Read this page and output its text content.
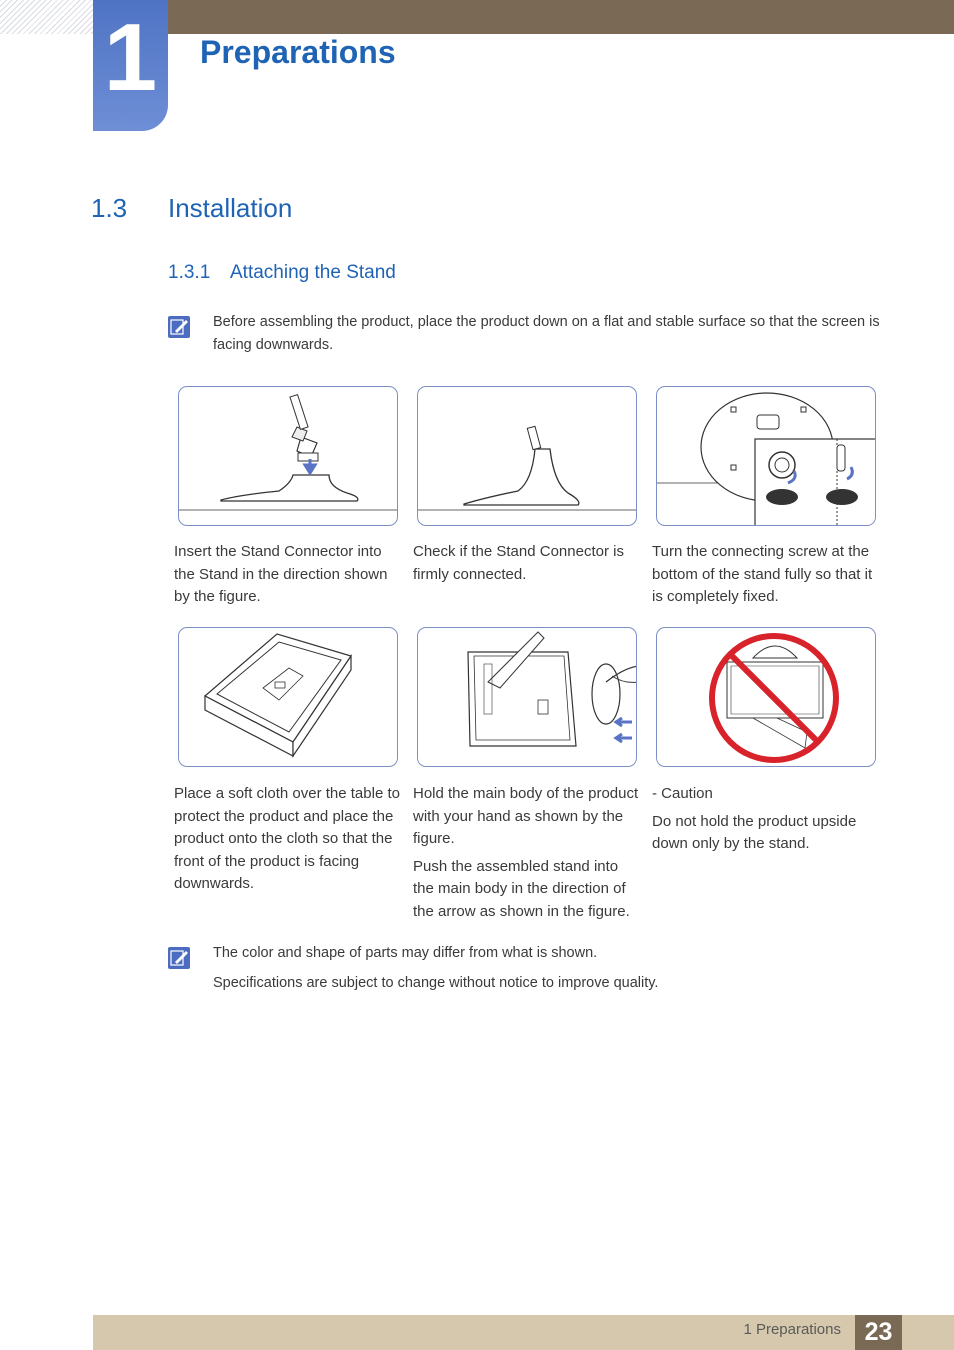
1 Preparations
1.3 Installation
1.3.1 Attaching the Stand
Before assembling the product, place the product down on a flat and stable surface so that the screen is facing downwards.

Insert the Stand Connector into the Stand in the direction shown by the figure.

Check if the Stand Connector is firmly connected.

Turn the connecting screw at the bottom of the stand fully so that it is completely fixed.

Place a soft cloth over the table to protect the product and place the product onto the cloth so that the front of the product is facing downwards.

Hold the main body of the product with your hand as shown by the figure.

Push the assembled stand into the main body in the direction of the arrow as shown in the figure.

- Caution

Do not hold the product upside down only by the stand.

The color and shape of parts may differ from what is shown.
Specifications are subject to change without notice to improve quality.
1 Preparations 23
